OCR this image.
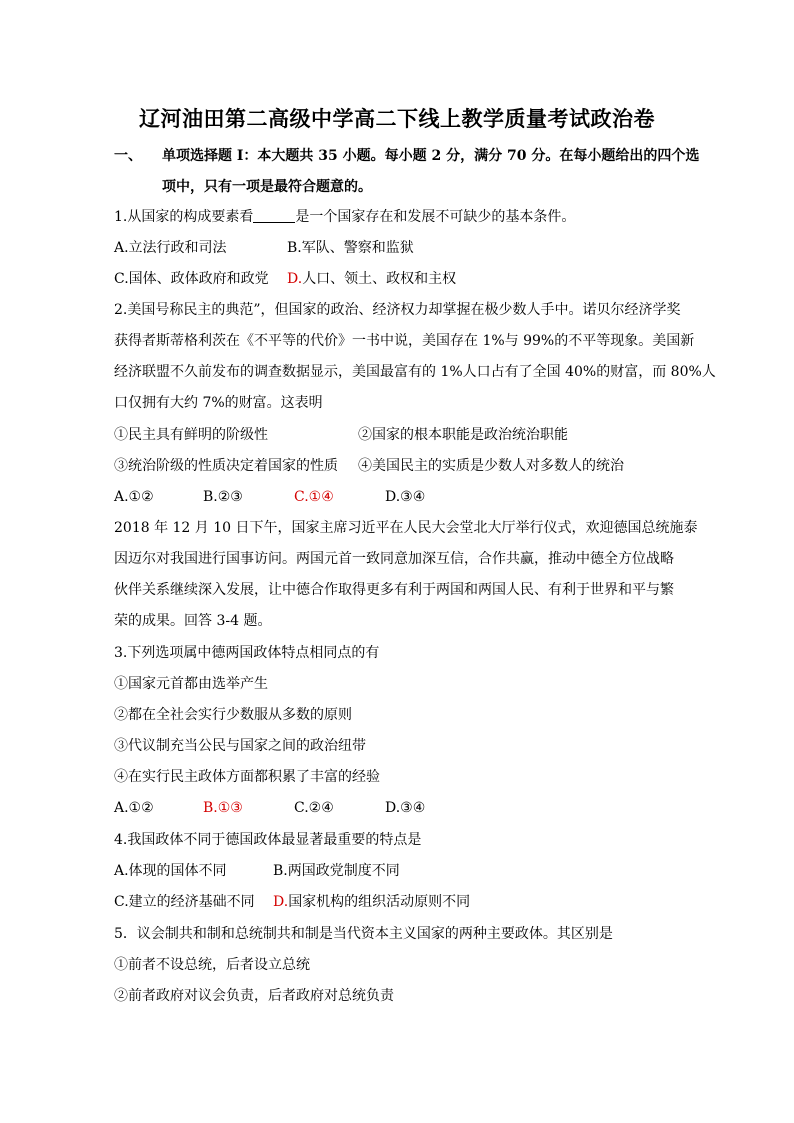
辽河油田第二高级中学高二下线上教学质量考试政治卷
一、 单项选择题 I：本大题共 35 小题。每小题 2 分，满分 70 分。在每小题给出的四个选
项中，只有一项是最符合题意的。
1.从国家的构成要素看	是一个国家存在和发展不可缺少的基本条件。
A.立法行政和司法	B.军队、警察和监狱
C.国体、政体政府和政党 D.人口、领土、政权和主权
2.美国号称民主的典范”，但国家的政治、经济权力却掌握在极少数人手中。诺贝尔经济学奖
获得者斯蒂格利茨在《不平等的代价》一书中说，美国存在 1%与 99%的不平等现象。美国新
经济联盟不久前发布的调查数据显示，美国最富有的 1%人口占有了全国 40%的财富，而 80%人
口仅拥有大约 7%的财富。这表明
①民主具有鲜明的阶级性	②国家的根本职能是政治统治职能
③统治阶级的性质决定着国家的性质 ④美国民主的实质是少数人对多数人的统治
A.①②	B.②③	C.①④	D.③④
2018 年 12 月 10 日下午，国家主席习近平在人民大会堂北大厅举行仪式，欢迎德国总统施泰
因迈尔对我国进行国事访问。两国元首一致同意加深互信，合作共赢，推动中德全方位战略
伙伴关系继续深入发展，让中德合作取得更多有利于两国和两国人民、有利于世界和平与繁
荣的成果。回答 3-4 题。
3.下列选项属中德两国政体特点相同点的有
①国家元首都由选举产生
②都在全社会实行少数服从多数的原则
③代议制充当公民与国家之间的政治纽带
④在实行民主政体方面都积累了丰富的经验
A.①②	B.①③	C.②④	D.③④
4.我国政体不同于德国政体最显著最重要的特点是
A.体现的国体不同	B.两国政党制度不同
C.建立的经济基础不同 D.国家机构的组织活动原则不同
5．议会制共和制和总统制共和制是当代资本主义国家的两种主要政体。其区别是
①前者不设总统，后者设立总统
②前者政府对议会负责，后者政府对总统负责
